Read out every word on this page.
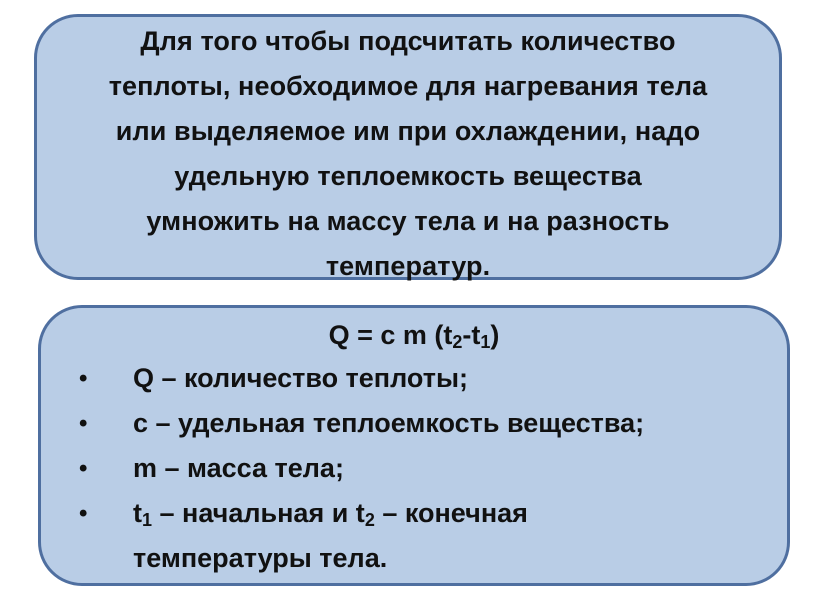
Для того чтобы подсчитать количество
теплоты, необходимое для нагревания тела
или выделяемое им при охлаждении, надо
удельную теплоемкость вещества
умножить на массу тела и на разность
температур.

Q = c m $(t_2-t_1)$

• Q – количество теплоты;
• c – удельная теплоемкость вещества;
• m – масса тела;
• $t_1$ – начальная и $t_2$ – конечная
температуры тела.
